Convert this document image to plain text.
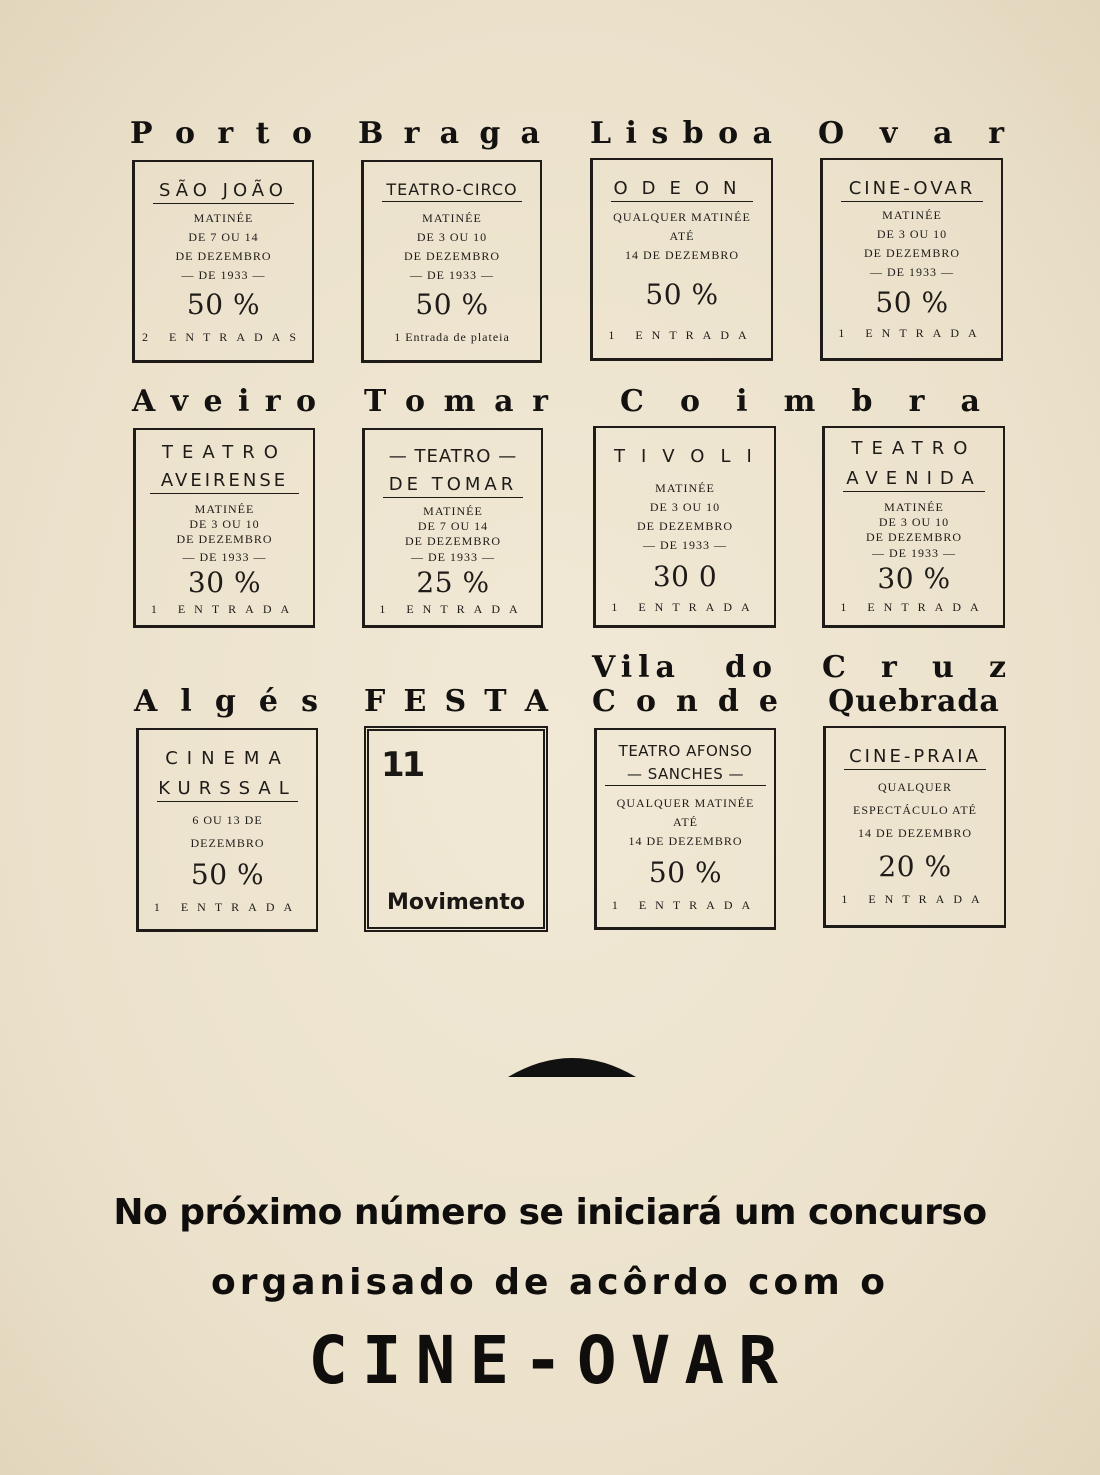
P o r t o B r a g a L i s b o a O v a r
SÃO JOÃO
MATINÉE
DE 7 OU 14
DE DEZEMBRO
— DE 1933 —
50 %
2 ENTRADAS
TEATRO-CIRCO
MATINÉE
DE 3 OU 10
DE DEZEMBRO
— DE 1933 —
50 %
1 Entrada de plateia
ODEON
QUALQUER MATINÉE
ATÉ
14 DE DEZEMBRO
50 %
1 ENTRADA
CINE-OVAR
MATINÉE
DE 3 OU 10
DE DEZEMBRO
— DE 1933 —
50 %
1 ENTRADA
A v e i r o T o m a r C o i m b r a
TEATRO
AVEIRENSE
MATINÉE
DE 3 OU 10
DE DEZEMBRO
— DE 1933 —
30 %
1 ENTRADA
— TEATRO —
DE TOMAR
MATINÉE
DE 7 OU 14
DE DEZEMBRO
— DE 1933 —
25 %
1 ENTRADA
TIVOLI
MATINÉE
DE 3 OU 10
DE DEZEMBRO
— DE 1933 —
30 0
1 ENTRADA
TEATRO
AVENIDA
MATINÉE
DE 3 OU 10
DE DEZEMBRO
— DE 1933 —
30 %
1 ENTRADA
A l g é s F E S T A
Vila do
C o n d e
C r u z
Quebrada
CINEMA
KURSSAL
6 OU 13 DE
DEZEMBRO
50 %
1 ENTRADA
11
Movimento
TEATRO AFONSO
— SANCHES —
QUALQUER MATINÉE
ATÉ
14 DE DEZEMBRO
50 %
1 ENTRADA
CINE-PRAIA
QUALQUER
ESPECTÁCULO ATÉ
14 DE DEZEMBRO
20 %
1 ENTRADA
No próximo número se iniciará um concurso
organisado de acôrdo com o
CINE-OVAR
